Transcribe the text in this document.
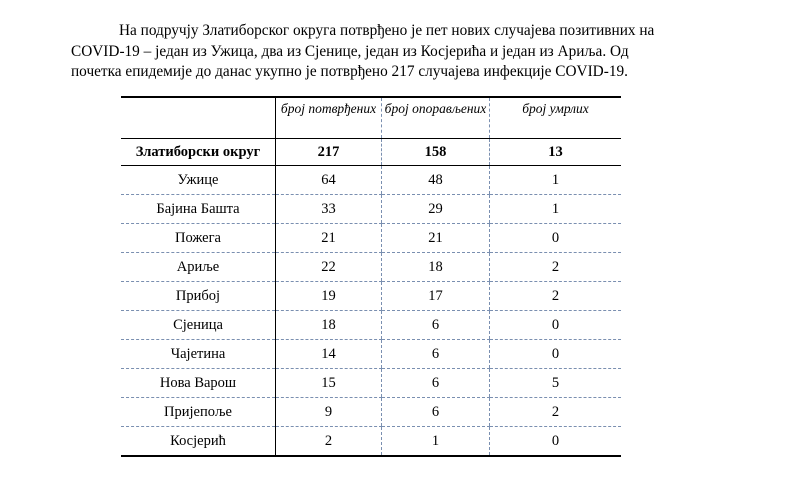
На подручју Златиборског округа потврђено је пет нових случајева позитивних на
COVID-19 – један из Ужица, два из Сјенице, један из Косјерића и један из Ариља. Од
почетка епидемије до данас укупно је потврђено 217 случајева инфекције COVID-19.

	број потврђених	број опорављених	број умрлих
Златиборски округ	217	158	13
Ужице	64	48	1
Бајина Башта	33	29	1
Пожега	21	21	0
Ариље	22	18	2
Прибој	19	17	2
Сјеница	18	6	0
Чајетина	14	6	0
Нова Варош	15	6	5
Пријепоље	9	6	2
Косјерић	2	1	0
